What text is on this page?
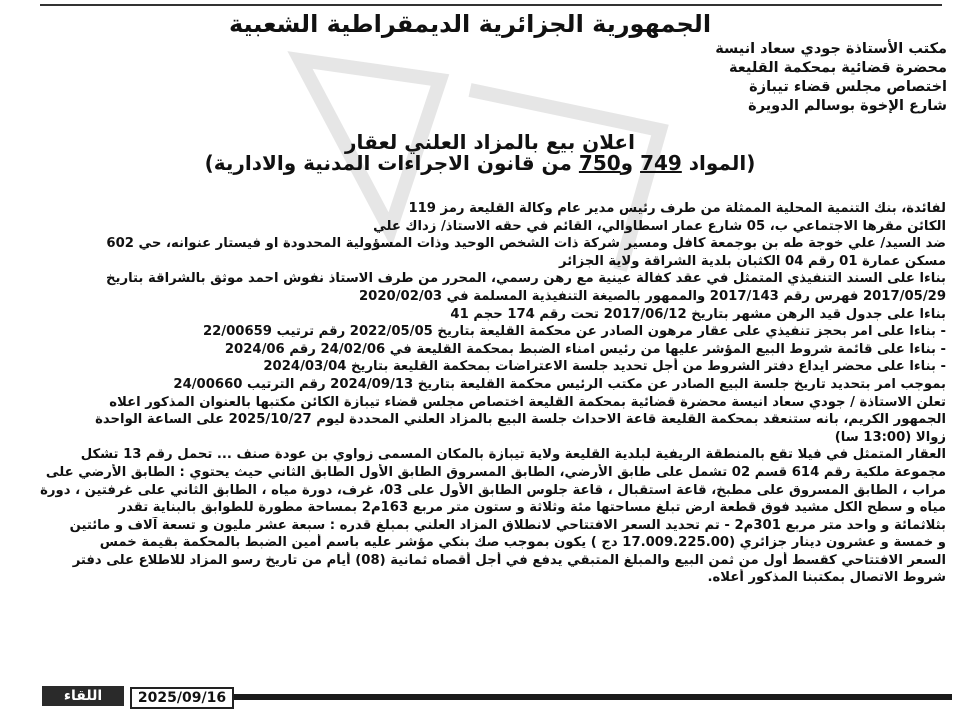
الجمهورية الجزائرية الديمقراطية الشعبية
مكتب الأستاذة جودي سعاد انيسة
محضرة قضائية بمحكمة القليعة
اختصاص مجلس قضاء تيبازة
شارع الإخوة بوسالم الدويرة
اعلان بيع بالمزاد العلني لعقار
(المواد 749 و750 من قانون الاجراءات المدنية والادارية)
لفائدة، بنك التنمية المحلية الممثلة من طرف رئيس مدير عام وكالة القليعة رمز 119
الكائن مقرها الاجتماعي ب، 05 شارع عمار اسطاوالي، القائم في حقه الاستاذ/ زداك علي
ضد السيد/ علي خوجة طه بن بوجمعة كافل ومسير شركة ذات الشخص الوحيد وذات المسؤولية المحدودة او فيستار عنوانه، حي 602
مسكن عمارة 01 رقم 04 الكثبان بلدية الشراقة ولاية الجزائر
بناءا على السند التنفيذي المتمثل في عقد كفالة عينية مع رهن رسمي، المحرر من طرف الاستاذ نفوش احمد موثق بالشراقة بتاريخ
2017/05/29 فهرس رقم 2017/143 والممهور بالصيغة التنفيذية المسلمة في 2020/02/03
بناءا على جدول قيد الرهن مشهر بتاريخ 2017/06/12 تحت رقم 174 حجم 41
- بناءا على امر بحجز تنفيذي على عقار مرهون الصادر عن محكمة القليعة بتاريخ 2022/05/05 رقم ترتيب 22/00659
- بناءا على قائمة شروط البيع المؤشر عليها من رئيس امناء الضبط بمحكمة القليعة في 24/02/06 رقم 2024/06
- بناءا على محضر ايداع دفتر الشروط من أجل تحديد جلسة الاعتراضات بمحكمة القليعة بتاريخ 2024/03/04
بموجب امر بتحديد تاريخ جلسة البيع الصادر عن مكتب الرئيس محكمة القليعة بتاريخ 2024/09/13 رقم الترتيب 24/00660
تعلن الاستاذة / جودي سعاد انيسة محضرة قضائية بمحكمة القليعة اختصاص مجلس قضاء تيبازة الكائن مكتبها بالعنوان المذكور اعلاه
الجمهور الكريم، بانه ستنعقد بمحكمة القليعة قاعة الاحداث جلسة البيع بالمزاد العلني المحددة ليوم 2025/10/27 على الساعة الواحدة
زوالا (13:00 سا)
العقار المتمثل في فيلا تقع بالمنطقة الريفية لبلدية القليعة ولاية تيبازة بالمكان المسمى زواوي بن عودة صنف ... تحمل رقم 13 تشكل
مجموعة ملكية رقم 614 قسم 02 تشمل على طابق الأرضي، الطابق المسروق الطابق الأول الطابق الثاني حيث يحتوي : الطابق الأرضي على
مراب ، الطابق المسروق على مطبخ، قاعة استقبال ، قاعة جلوس الطابق الأول على 03، غرف، دورة مياه ، الطابق الثاني على غرفتين ، دورة
مياه و سطح الكل مشيد فوق قطعة ارض تبلغ مساحتها مئة وثلاثة و ستون متر مربع 163م2 بمساحة مطورة للطوابق بالبناية تقدر
بثلاثمائة و واحد متر مربع 301م2 - تم تحديد السعر الافتتاحي لانطلاق المزاد العلني بمبلغ قدره : سبعة عشر مليون و تسعة آلاف و مائتين
و خمسة و عشرون دينار جزائري (17.009.225.00 دج ) يكون بموجب صك بنكي مؤشر عليه باسم أمين الضبط بالمحكمة بقيمة خمس
السعر الافتتاحي كقسط أول من ثمن البيع والمبلغ المتبقي يدفع في أجل أقصاه ثمانية (08) أيام من تاريخ رسو المزاد للاطلاع على دفتر
شروط الاتصال بمكتبنا المذكور أعلاه.
اللقاء	2025/09/16
